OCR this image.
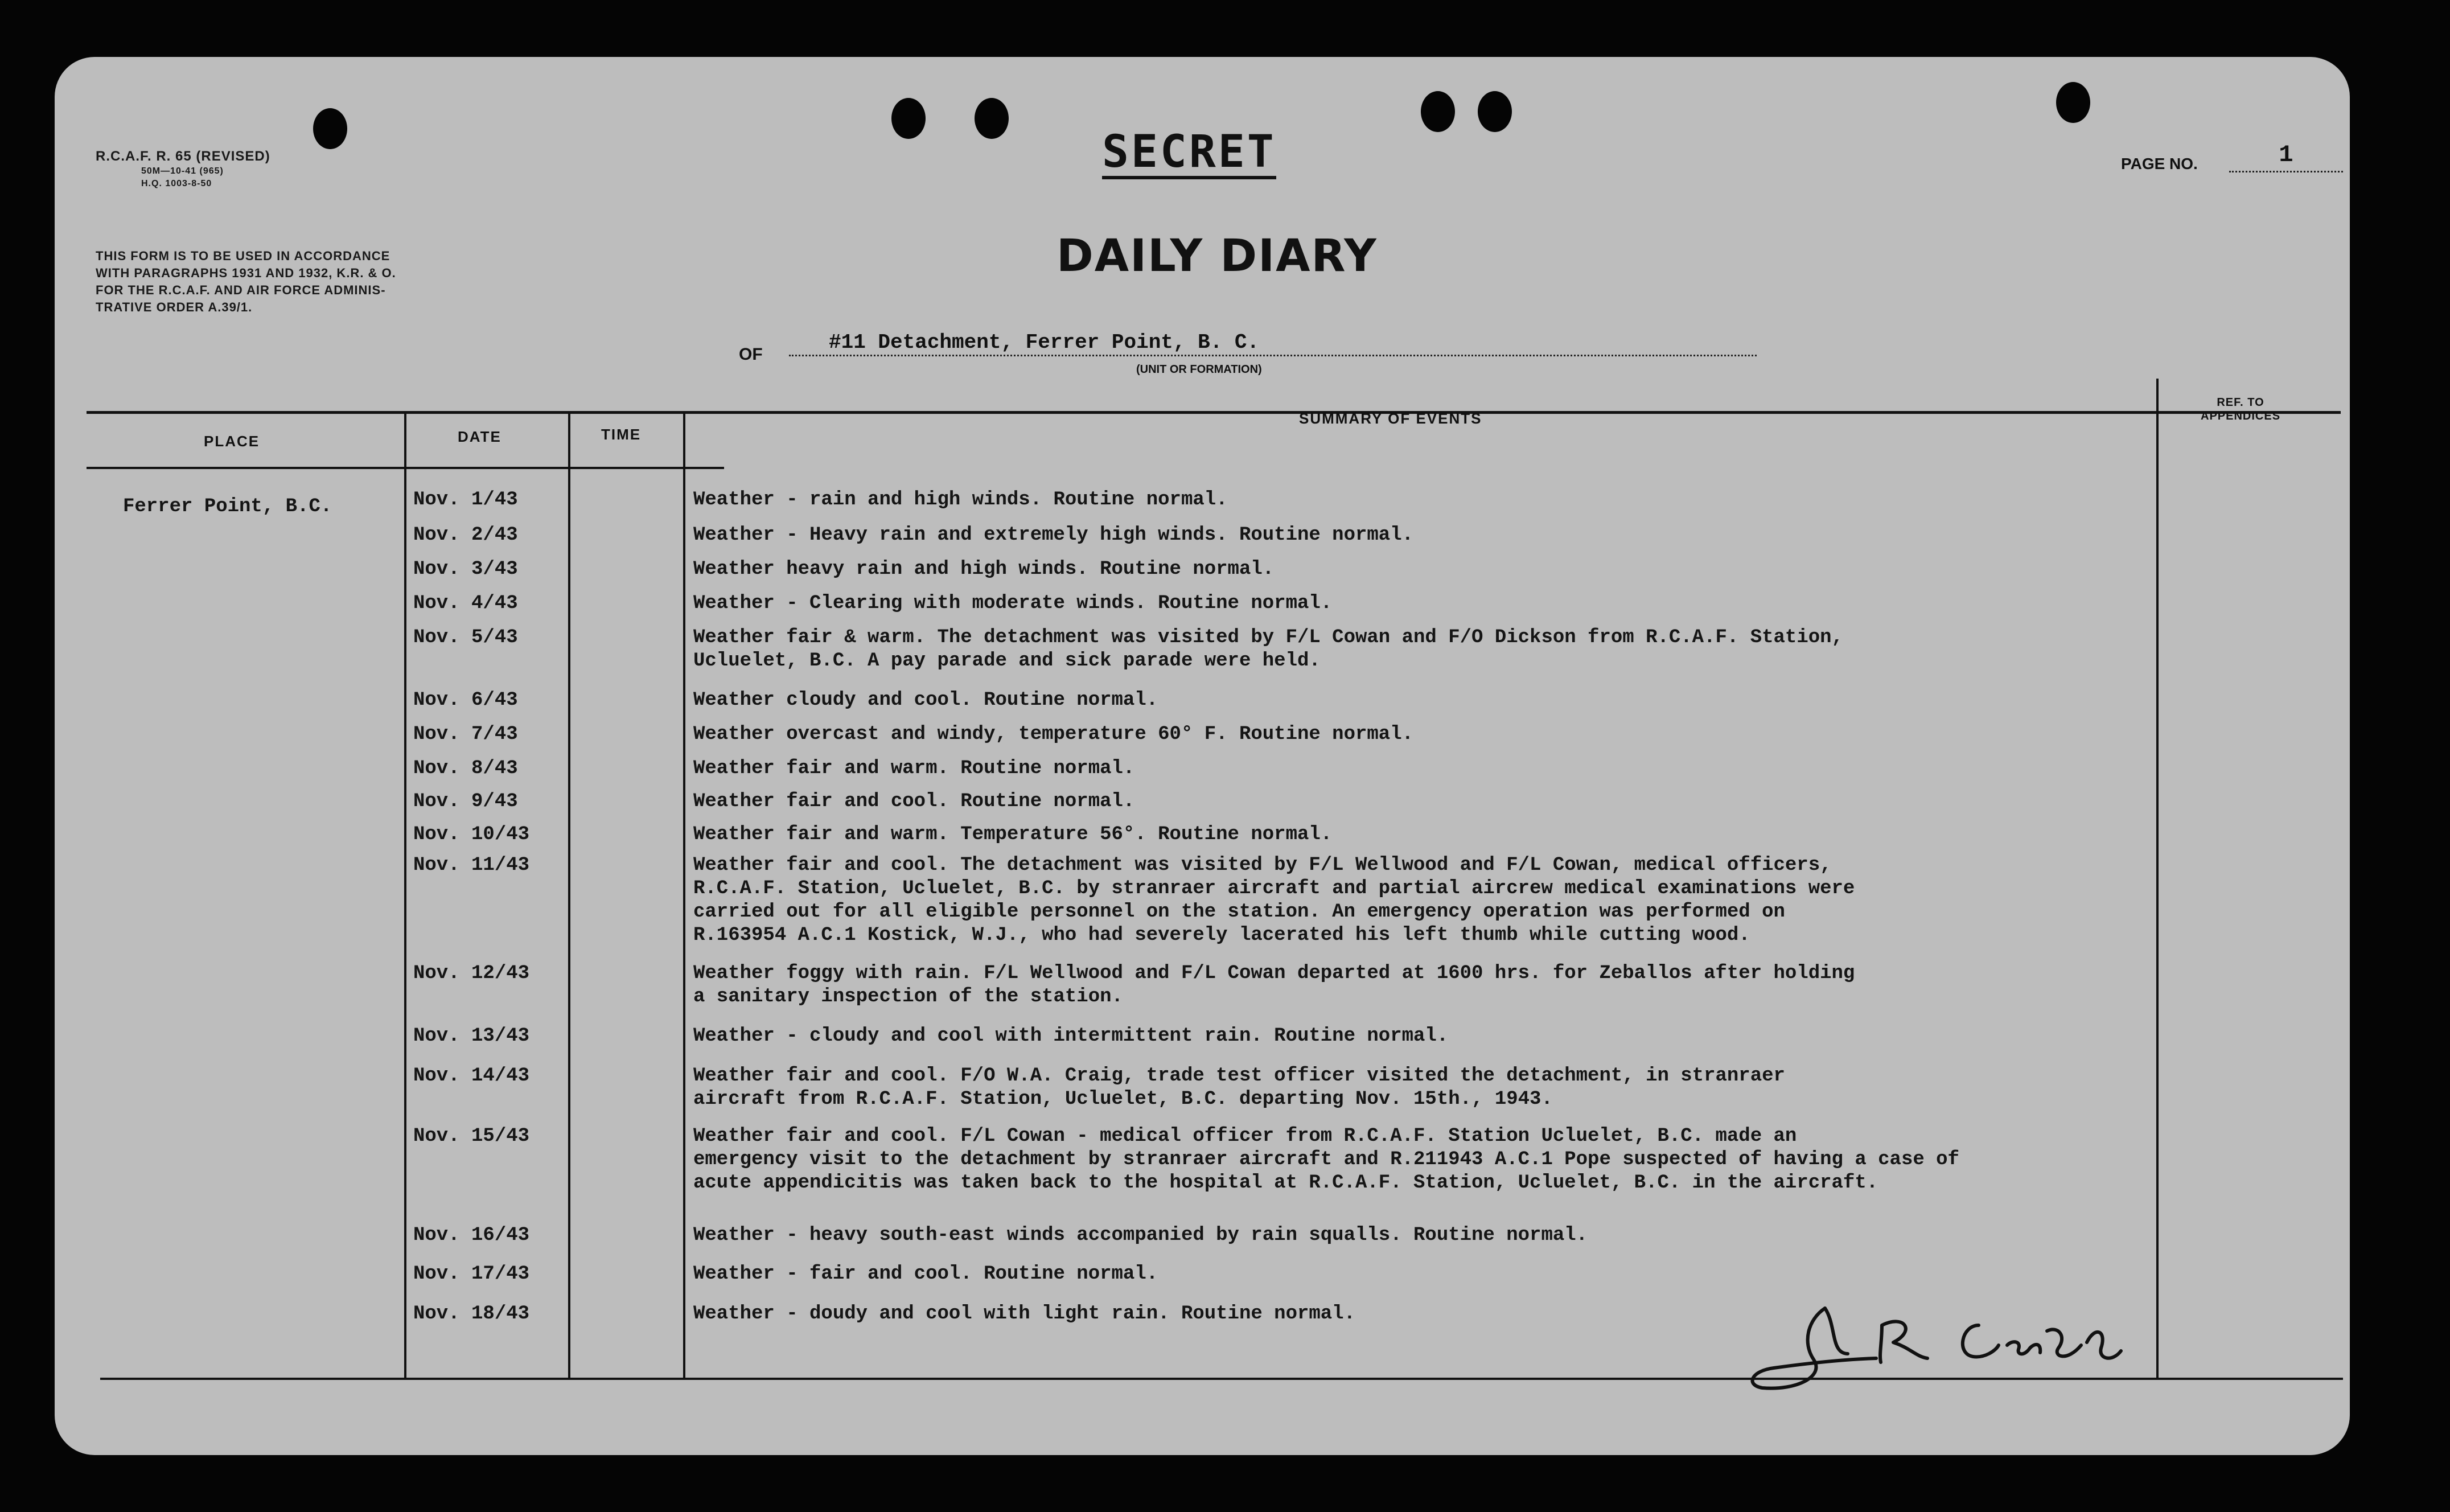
R.C.A.F. R. 65 (REVISED)
50M—10-41 (965)
H.Q. 1003-8-50
THIS FORM IS TO BE USED IN ACCORDANCE
WITH PARAGRAPHS 1931 AND 1932, K.R. & O.
FOR THE R.C.A.F. AND AIR FORCE ADMINIS-
TRATIVE ORDER A.39/1.
SECRET
DAILY DIARY
PAGE NO.	1
OF
#11 Detachment, Ferrer Point, B. C.
(UNIT OR FORMATION)
PLACE	DATE	TIME
SUMMARY OF EVENTS
REF. TO
APPENDICES
Ferrer Point, B.C.	Nov. 1/43	Weather - rain and high winds. Routine normal.
Nov. 2/43	Weather - Heavy rain and extremely high winds. Routine normal.
Nov. 3/43	Weather heavy rain and high winds. Routine normal.
Nov. 4/43	Weather - Clearing with moderate winds. Routine normal.
Nov. 5/43	Weather fair & warm. The detachment was visited by F/L Cowan and F/O Dickson from R.C.A.F. Station,
Ucluelet, B.C. A pay parade and sick parade were held.
Nov. 6/43	Weather cloudy and cool. Routine normal.
Nov. 7/43	Weather overcast and windy, temperature 60° F. Routine normal.
Nov. 8/43	Weather fair and warm. Routine normal.
Nov. 9/43	Weather fair and cool. Routine normal.
Nov. 10/43	Weather fair and warm. Temperature 56°. Routine normal.
Nov. 11/43	Weather fair and cool. The detachment was visited by F/L Wellwood and F/L Cowan, medical officers,
R.C.A.F. Station, Ucluelet, B.C. by stranraer aircraft and partial aircrew medical examinations were
carried out for all eligible personnel on the station. An emergency operation was performed on
R.163954 A.C.1 Kostick, W.J., who had severely lacerated his left thumb while cutting wood.
Nov. 12/43	Weather foggy with rain. F/L Wellwood and F/L Cowan departed at 1600 hrs. for Zeballos after holding
a sanitary inspection of the station.
Nov. 13/43	Weather - cloudy and cool with intermittent rain. Routine normal.
Nov. 14/43	Weather fair and cool. F/O W.A. Craig, trade test officer visited the detachment, in stranraer
aircraft from R.C.A.F. Station, Ucluelet, B.C. departing Nov. 15th., 1943.
Nov. 15/43	Weather fair and cool. F/L Cowan - medical officer from R.C.A.F. Station Ucluelet, B.C. made an
emergency visit to the detachment by stranraer aircraft and R.211943 A.C.1 Pope suspected of having a case of
acute appendicitis was taken back to the hospital at R.C.A.F. Station, Ucluelet, B.C. in the aircraft.
Nov. 16/43	Weather - heavy south-east winds accompanied by rain squalls. Routine normal.
Nov. 17/43	Weather - fair and cool. Routine normal.
Nov. 18/43	Weather - doudy and cool with light rain. Routine normal.
